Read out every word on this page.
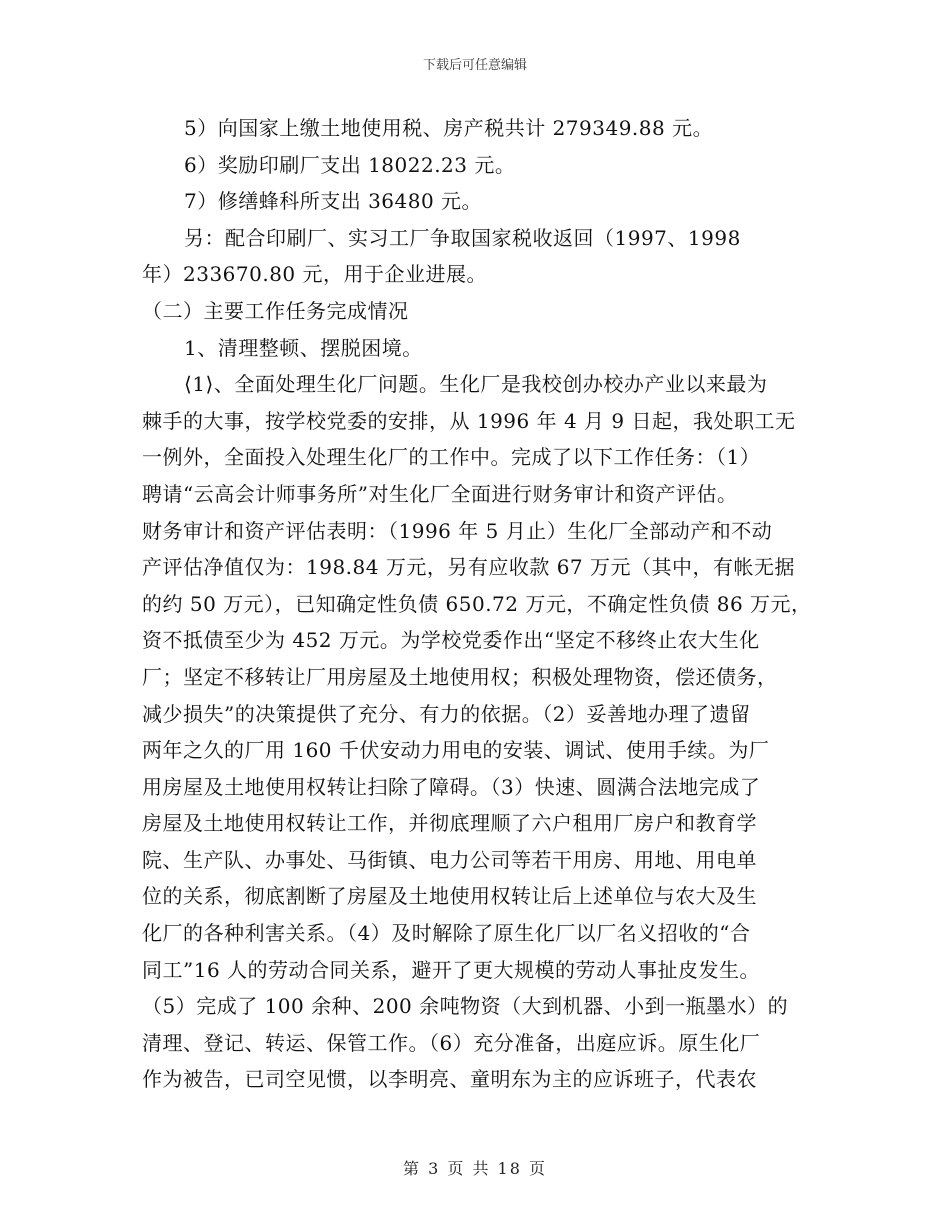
下载后可任意编辑
5）向国家上缴土地使用税、房产税共计 279349.88 元。
6）奖励印刷厂支出 18022.23 元。
7）修缮蜂科所支出 36480 元。
另：配合印刷厂、实习工厂争取国家税收返回（1997、1998
年）233670.80 元，用于企业进展。
（二）主要工作任务完成情况
1、清理整顿、摆脱困境。
⟨1⟩、全面处理生化厂问题。生化厂是我校创办校办产业以来最为
棘手的大事，按学校党委的安排，从 1996 年 4 月 9 日起，我处职工无
一例外，全面投入处理生化厂的工作中。完成了以下工作任务：（1）
聘请“云高会计师事务所”对生化厂全面进行财务审计和资产评估。
财务审计和资产评估表明：（1996 年 5 月止）生化厂全部动产和不动
产评估净值仅为：198.84 万元，另有应收款 67 万元（其中，有帐无据
的约 50 万元），已知确定性负债 650.72 万元，不确定性负债 86 万元，
资不抵债至少为 452 万元。为学校党委作出“坚定不移终止农大生化
厂；坚定不移转让厂用房屋及土地使用权；积极处理物资，偿还债务，
减少损失”的决策提供了充分、有力的依据。（2）妥善地办理了遗留
两年之久的厂用 160 千伏安动力用电的安装、调试、使用手续。为厂
用房屋及土地使用权转让扫除了障碍。（3）快速、圆满合法地完成了
房屋及土地使用权转让工作，并彻底理顺了六户租用厂房户和教育学
院、生产队、办事处、马街镇、电力公司等若干用房、用地、用电单
位的关系，彻底割断了房屋及土地使用权转让后上述单位与农大及生
化厂的各种利害关系。（4）及时解除了原生化厂以厂名义招收的“合
同工”16 人的劳动合同关系，避开了更大规模的劳动人事扯皮发生。
（5）完成了 100 余种、200 余吨物资（大到机器、小到一瓶墨水）的
清理、登记、转运、保管工作。（6）充分准备，出庭应诉。原生化厂
作为被告，已司空见惯，以李明亮、童明东为主的应诉班子，代表农
第 3 页 共 18 页
